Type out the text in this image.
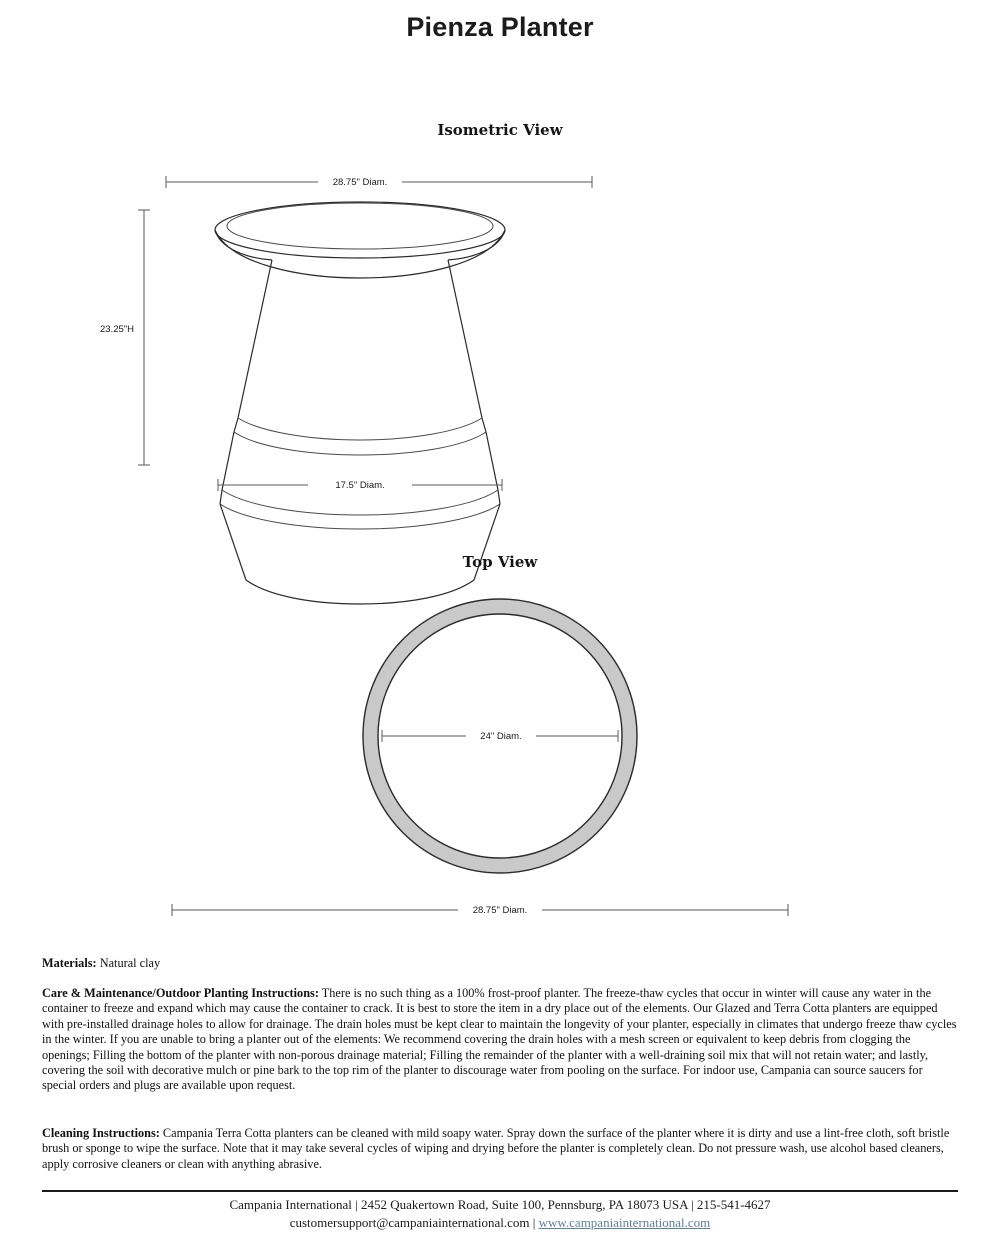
Pienza Planter
Isometric View
28.75" Diam.
23.25"H
17.5" Diam.
Top View
24" Diam.
28.75" Diam.

Materials: Natural clay

Care & Maintenance/Outdoor Planting Instructions: There is no such thing as a 100% frost-proof planter. The freeze-thaw cycles that occur in winter will cause any water in the container to freeze and expand which may cause the container to crack. It is best to store the item in a dry place out of the elements. Our Glazed and Terra Cotta planters are equipped with pre-installed drainage holes to allow for drainage. The drain holes must be kept clear to maintain the longevity of your planter, especially in climates that undergo freeze thaw cycles in the winter. If you are unable to bring a planter out of the elements: We recommend covering the drain holes with a mesh screen or equivalent to keep debris from clogging the openings; Filling the bottom of the planter with non-porous drainage material; Filling the remainder of the planter with a well-draining soil mix that will not retain water; and lastly, covering the soil with decorative mulch or pine bark to the top rim of the planter to discourage water from pooling on the surface. For indoor use, Campania can source saucers for special orders and plugs are available upon request.

Cleaning Instructions: Campania Terra Cotta planters can be cleaned with mild soapy water. Spray down the surface of the planter where it is dirty and use a lint-free cloth, soft bristle brush or sponge to wipe the surface. Note that it may take several cycles of wiping and drying before the planter is completely clean. Do not pressure wash, use alcohol based cleaners, apply corrosive cleaners or clean with anything abrasive.

Campania International | 2452 Quakertown Road, Suite 100, Pennsburg, PA 18073 USA | 215-541-4627
customersupport@campaniainternational.com | www.campaniainternational.com
